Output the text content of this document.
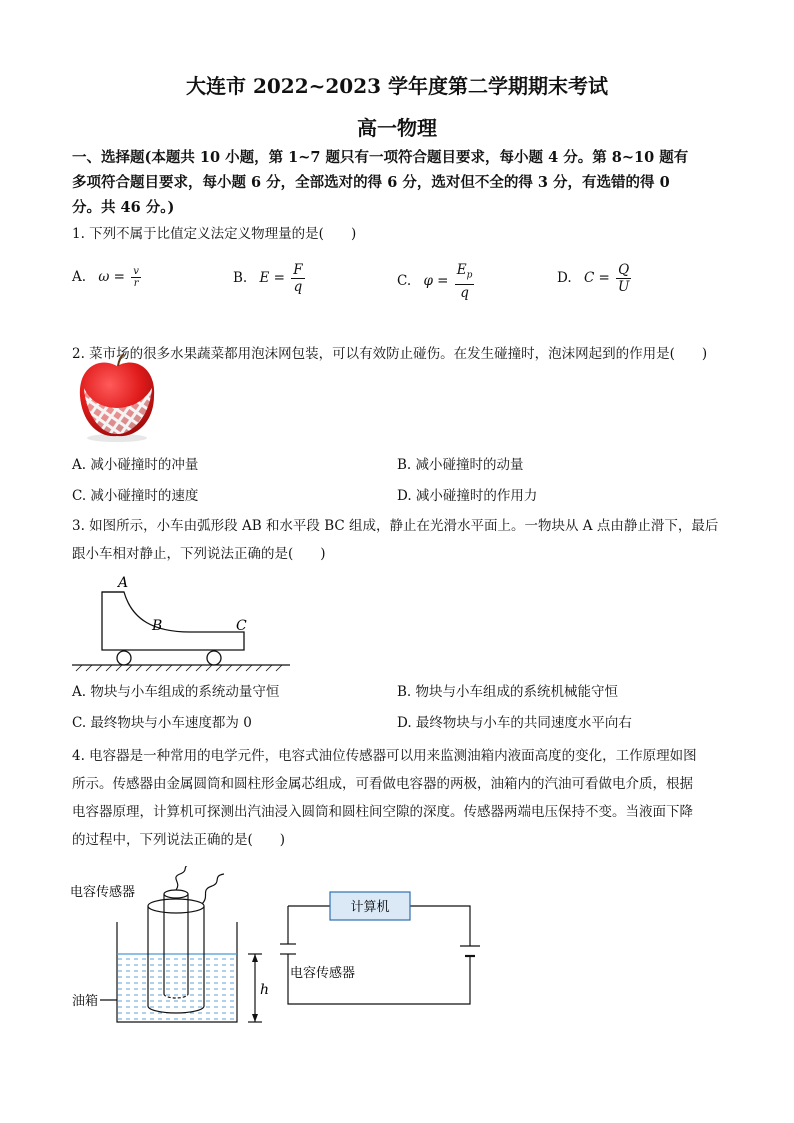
大连市 2022~2023 学年度第二学期期末考试
高一物理
一、选择题(本题共 10 小题，第 1~7 题只有一项符合题目要求，每小题 4 分。第 8~10 题有
多项符合题目要求，每小题 6 分，全部选对的得 6 分，选对但不全的得 3 分，有选错的得 0
分。共 46 分。)
1. 下列不属于比值定义法定义物理量的是(　　)
A. $\omega = \frac{v}{r}$	B. $E = \frac{F}{q}$	C. $\varphi = \frac{E_p}{q}$	D. $C = \frac{Q}{U}$
2. 菜市场的很多水果蔬菜都用泡沫网包装，可以有效防止碰伤。在发生碰撞时，泡沫网起到的作用是(　　)
A. 减小碰撞时的冲量	B. 减小碰撞时的动量
C. 减小碰撞时的速度	D. 减小碰撞时的作用力
3. 如图所示，小车由弧形段 AB 和水平段 BC 组成，静止在光滑水平面上。一物块从 A 点由静止滑下，最后
跟小车相对静止，下列说法正确的是(　　)
A
B	C
A. 物块与小车组成的系统动量守恒	B. 物块与小车组成的系统机械能守恒
C. 最终物块与小车速度都为 0	D. 最终物块与小车的共同速度水平向右
4. 电容器是一种常用的电学元件，电容式油位传感器可以用来监测油箱内液面高度的变化，工作原理如图
所示。传感器由金属圆筒和圆柱形金属芯组成，可看做电容器的两极，油箱内的汽油可看做电介质，根据
电容器原理，计算机可探测出汽油浸入圆筒和圆柱间空隙的深度。传感器两端电压保持不变。当液面下降
的过程中，下列说法正确的是(　　)
电容传感器
油箱
h
计算机
电容传感器
